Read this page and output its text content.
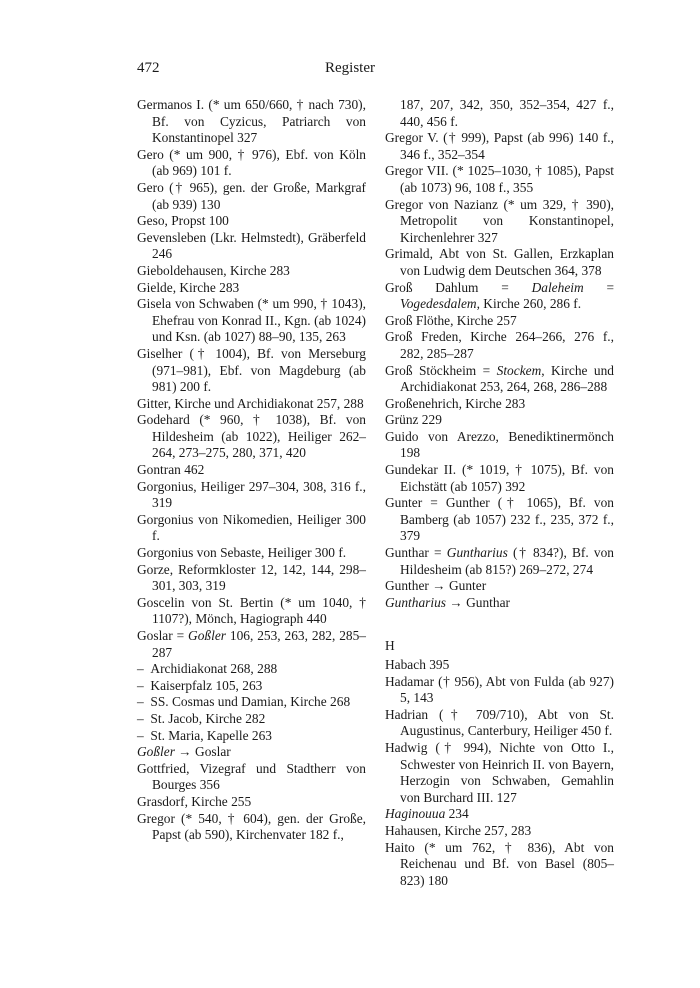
472	Register
Germanos I. (* um 650/660, † nach 730), Bf. von Cyzicus, Patriarch von Konstantinopel 327
Gero (* um 900, † 976), Ebf. von Köln (ab 969) 101 f.
Gero († 965), gen. der Große, Markgraf (ab 939) 130
Geso, Propst 100
Gevensleben (Lkr. Helmstedt), Gräberfeld 246
Gieboldehausen, Kirche 283
Gielde, Kirche 283
Gisela von Schwaben (* um 990, † 1043), Ehefrau von Konrad II., Kgn. (ab 1024) und Ksn. (ab 1027) 88–90, 135, 263
Giselher († 1004), Bf. von Merseburg (971–981), Ebf. von Magdeburg (ab 981) 200 f.
Gitter, Kirche und Archidiakonat 257, 288
Godehard (* 960, † 1038), Bf. von Hildesheim (ab 1022), Heiliger 262–264, 273–275, 280, 371, 420
Gontran 462
Gorgonius, Heiliger 297–304, 308, 316 f., 319
Gorgonius von Nikomedien, Heiliger 300 f.
Gorgonius von Sebaste, Heiliger 300 f.
Gorze, Reformkloster 12, 142, 144, 298–301, 303, 319
Goscelin von St. Bertin (* um 1040, † 1107?), Mönch, Hagiograph 440
Goslar = Goßler 106, 253, 263, 282, 285–287
– Archidiakonat 268, 288
– Kaiserpfalz 105, 263
– SS. Cosmas und Damian, Kirche 268
– St. Jacob, Kirche 282
– St. Maria, Kapelle 263
Goßler → Goslar
Gottfried, Vizegraf und Stadtherr von Bourges 356
Grasdorf, Kirche 255
Gregor (* 540, † 604), gen. der Große, Papst (ab 590), Kirchenvater 182 f.,
187, 207, 342, 350, 352–354, 427 f., 440, 456 f.
Gregor V. († 999), Papst (ab 996) 140 f., 346 f., 352–354
Gregor VII. (* 1025–1030, † 1085), Papst (ab 1073) 96, 108 f., 355
Gregor von Nazianz (* um 329, † 390), Metropolit von Konstantinopel, Kirchenlehrer 327
Grimald, Abt von St. Gallen, Erzkaplan von Ludwig dem Deutschen 364, 378
Groß Dahlum = Daleheim = Vogedesdalem, Kirche 260, 286 f.
Groß Flöthe, Kirche 257
Groß Freden, Kirche 264–266, 276 f., 282, 285–287
Groß Stöckheim = Stockem, Kirche und Archidiakonat 253, 264, 268, 286–288
Großenehrich, Kirche 283
Grünz 229
Guido von Arezzo, Benediktinermönch 198
Gundekar II. (* 1019, † 1075), Bf. von Eichstätt (ab 1057) 392
Gunter = Gunther († 1065), Bf. von Bamberg (ab 1057) 232 f., 235, 372 f., 379
Gunthar = Guntharius († 834?), Bf. von Hildesheim (ab 815?) 269–272, 274
Gunther → Gunter
Guntharius → Gunthar
H
Habach 395
Hadamar († 956), Abt von Fulda (ab 927) 5, 143
Hadrian († 709/710), Abt von St. Augustinus, Canterbury, Heiliger 450 f.
Hadwig († 994), Nichte von Otto I., Schwester von Heinrich II. von Bayern, Herzogin von Schwaben, Gemahlin von Burchard III. 127
Haginouua 234
Hahausen, Kirche 257, 283
Haito (* um 762, † 836), Abt von Reichenau und Bf. von Basel (805–823) 180
